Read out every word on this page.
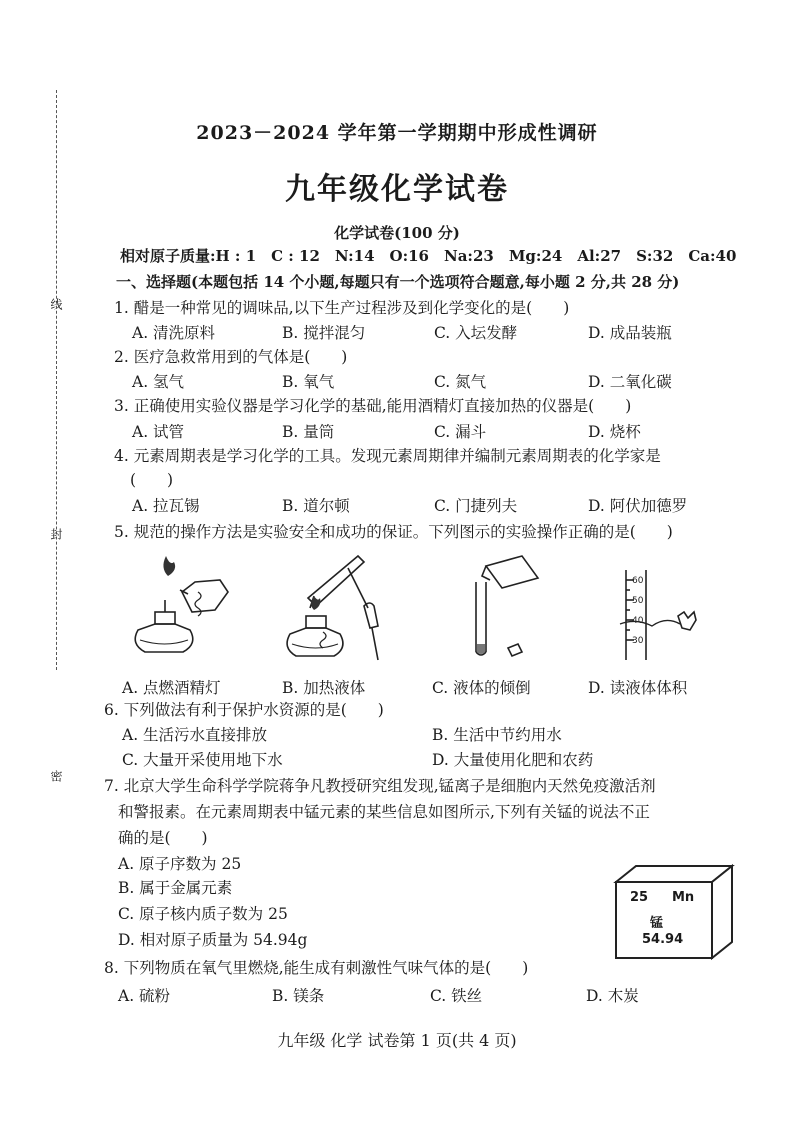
线
封
密
2023－2024 学年第一学期期中形成性调研
九年级化学试卷
化学试卷(100 分)
相对原子质量:H : 1　C : 12　N:14　O:16　Na:23　Mg:24　Al:27　S:32　Ca:40
一、选择题(本题包括 14 个小题,每题只有一个选项符合题意,每小题 2 分,共 28 分)
1. 醋是一种常见的调味品,以下生产过程涉及到化学变化的是(　　)
A. 清洗原料	B. 搅拌混匀	C. 入坛发酵	D. 成品装瓶
2. 医疗急救常用到的气体是(　　)
A. 氢气	B. 氧气	C. 氮气	D. 二氧化碳
3. 正确使用实验仪器是学习化学的基础,能用酒精灯直接加热的仪器是(　　)
A. 试管	B. 量筒	C. 漏斗	D. 烧杯
4. 元素周期表是学习化学的工具。发现元素周期律并编制元素周期表的化学家是
(　　)
A. 拉瓦锡	B. 道尔顿	C. 门捷列夫	D. 阿伏加德罗
5. 规范的操作方法是实验安全和成功的保证。下列图示的实验操作正确的是(　　)
60
50
40
30
A. 点燃酒精灯	B. 加热液体	C. 液体的倾倒	D. 读液体体积
6. 下列做法有利于保护水资源的是(　　)
A. 生活污水直接排放	B. 生活中节约用水
C. 大量开采使用地下水	D. 大量使用化肥和农药
7. 北京大学生命科学学院蒋争凡教授研究组发现,锰离子是细胞内天然免疫激活剂
和警报素。在元素周期表中锰元素的某些信息如图所示,下列有关锰的说法不正
确的是(　　)
A. 原子序数为 25
B. 属于金属元素
C. 原子核内质子数为 25
D. 相对原子质量为 54.94g
25 Mn
锰
54.94
8. 下列物质在氧气里燃烧,能生成有刺激性气味气体的是(　　)
A. 硫粉	B. 镁条	C. 铁丝	D. 木炭
九年级 化学 试卷第 1 页(共 4 页)
